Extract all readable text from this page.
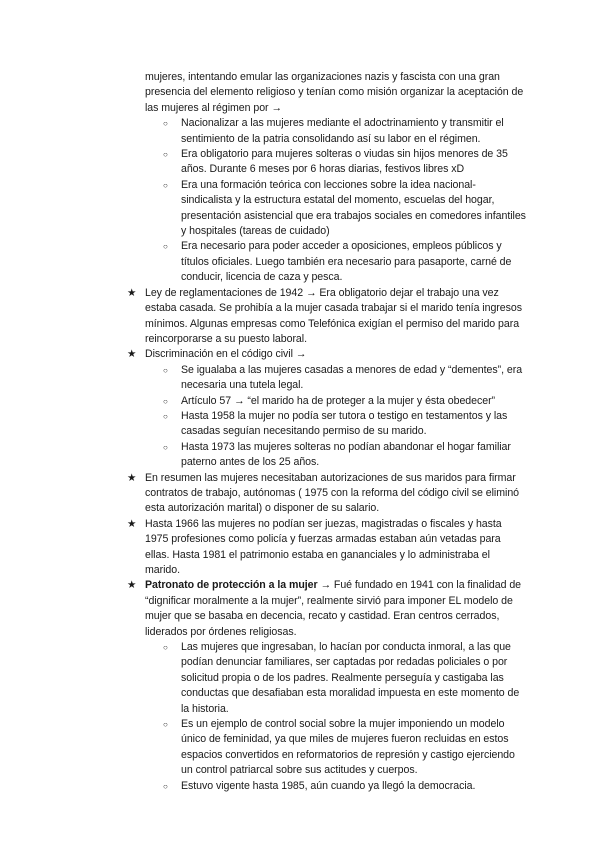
mujeres, intentando emular las organizaciones nazis y fascista con una gran presencia del elemento religioso y tenían como misión organizar la aceptación de las mujeres al régimen por →

○ Nacionalizar a las mujeres mediante el adoctrinamiento y transmitir el sentimiento de la patria consolidando así su labor en el régimen.
○ Era obligatorio para mujeres solteras o viudas sin hijos menores de 35 años. Durante 6 meses por 6 horas diarias, festivos libres xD
○ Era una formación teórica con lecciones sobre la idea nacional-sindicalista y la estructura estatal del momento, escuelas del hogar, presentación asistencial que era trabajos sociales en comedores infantiles y hospitales (tareas de cuidado)
○ Era necesario para poder acceder a oposiciones, empleos públicos y títulos oficiales. Luego también era necesario para pasaporte, carné de conducir, licencia de caza y pesca.
★ Ley de reglamentaciones de 1942 → Era obligatorio dejar el trabajo una vez estaba casada. Se prohibía a la mujer casada trabajar si el marido tenía ingresos mínimos. Algunas empresas como Telefónica exigían el permiso del marido para reincorporarse a su puesto laboral.
★ Discriminación en el código civil →
○ Se igualaba a las mujeres casadas a menores de edad y “dementes”, era necesaria una tutela legal.
○ Artículo 57 → “el marido ha de proteger a la mujer y ésta obedecer”
○ Hasta 1958 la mujer no podía ser tutora o testigo en testamentos y las casadas seguían necesitando permiso de su marido.
○ Hasta 1973 las mujeres solteras no podían abandonar el hogar familiar paterno antes de los 25 años.
★ En resumen las mujeres necesitaban autorizaciones de sus maridos para firmar contratos de trabajo, autónomas ( 1975 con la reforma del código civil se eliminó esta autorización marital) o disponer de su salario.
★ Hasta 1966 las mujeres no podían ser juezas, magistradas o fiscales y hasta 1975 profesiones como policía y fuerzas armadas estaban aún vetadas para ellas. Hasta 1981 el patrimonio estaba en gananciales y lo administraba el marido.
★ Patronato de protección a la mujer → Fué fundado en 1941 con la finalidad de “dignificar moralmente a la mujer”, realmente sirvió para imponer EL modelo de mujer que se basaba en decencia, recato y castidad. Eran centros cerrados, liderados por órdenes religiosas.
○ Las mujeres que ingresaban, lo hacían por conducta inmoral, a las que podían denunciar familiares, ser captadas por redadas policiales o por solicitud propia o de los padres. Realmente perseguía y castigaba las conductas que desafiaban esta moralidad impuesta en este momento de la historia.
○ Es un ejemplo de control social sobre la mujer imponiendo un modelo único de feminidad, ya que miles de mujeres fueron recluidas en estos espacios convertidos en reformatorios de represión y castigo ejerciendo un control patriarcal sobre sus actitudes y cuerpos.
○ Estuvo vigente hasta 1985, aún cuando ya llegó la democracia.
